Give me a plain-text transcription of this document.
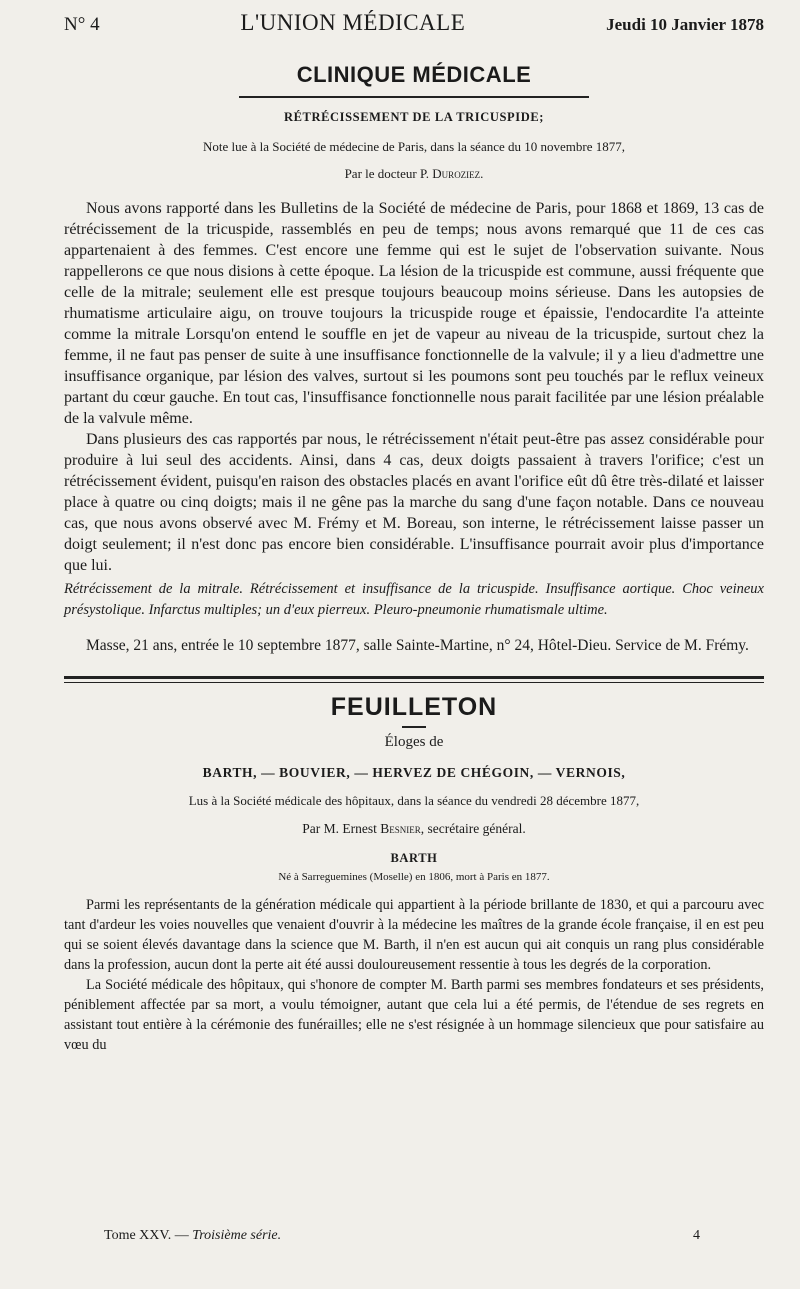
N° 4	L'UNION MÉDICALE	Jeudi 10 Janvier 1878
CLINIQUE MÉDICALE
RÉTRÉCISSEMENT DE LA TRICUSPIDE;
Note lue à la Société de médecine de Paris, dans la séance du 10 novembre 1877,
Par le docteur P. Duroziez.

Nous avons rapporté dans les Bulletins de la Société de médecine de Paris, pour 1868 et 1869, 13 cas de rétrécissement de la tricuspide, rassemblés en peu de temps; nous avons remarqué que 11 de ces cas appartenaient à des femmes. C'est encore une femme qui est le sujet de l'observation suivante. Nous rappellerons ce que nous disions à cette époque. La lésion de la tricuspide est commune, aussi fréquente que celle de la mitrale; seulement elle est presque toujours beaucoup moins sérieuse. Dans les autopsies de rhumatisme articulaire aigu, on trouve toujours la tricuspide rouge et épaissie, l'endocardite l'a atteinte comme la mitrale Lorsqu'on entend le souffle en jet de vapeur au niveau de la tricuspide, surtout chez la femme, il ne faut pas penser de suite à une insuffisance fonctionnelle de la valvule; il y a lieu d'admettre une insuffisance organique, par lésion des valves, surtout si les poumons sont peu touchés par le reflux veineux partant du cœur gauche. En tout cas, l'insuffisance fonctionnelle nous parait facilitée par une lésion préalable de la valvule même.

Dans plusieurs des cas rapportés par nous, le rétrécissement n'était peut-être pas assez considérable pour produire à lui seul des accidents. Ainsi, dans 4 cas, deux doigts passaient à travers l'orifice; c'est un rétrécissement évident, puisqu'en raison des obstacles placés en avant l'orifice eût dû être très-dilaté et laisser place à quatre ou cinq doigts; mais il ne gêne pas la marche du sang d'une façon notable. Dans ce nouveau cas, que nous avons observé avec M. Frémy et M. Boreau, son interne, le rétrécissement laisse passer un doigt seulement; il n'est donc pas encore bien considérable. L'insuffisance pourrait avoir plus d'importance que lui.

Rétrécissement de la mitrale. Rétrécissement et insuffisance de la tricuspide. Insuffisance aortique. Choc veineux présystolique. Infarctus multiples; un d'eux pierreux. Pleuro-pneumonie rhumatismale ultime.
Masse, 21 ans, entrée le 10 septembre 1877, salle Sainte-Martine, n° 24, Hôtel-Dieu. Service de M. Frémy.
FEUILLETON
Éloges de
BARTH, — BOUVIER, — HERVEZ DE CHÉGOIN, — VERNOIS,
Lus à la Société médicale des hôpitaux, dans la séance du vendredi 28 décembre 1877,
Par M. Ernest Besnier, secrétaire général.
BARTH
Né à Sarreguemines (Moselle) en 1806, mort à Paris en 1877.

Parmi les représentants de la génération médicale qui appartient à la période brillante de 1830, et qui a parcouru avec tant d'ardeur les voies nouvelles que venaient d'ouvrir à la médecine les maîtres de la grande école française, il en est peu qui se soient élevés davantage dans la science que M. Barth, il n'en est aucun qui ait conquis un rang plus considérable dans la profession, aucun dont la perte ait été aussi douloureusement ressentie à tous les degrés de la corporation.

La Société médicale des hôpitaux, qui s'honore de compter M. Barth parmi ses membres fondateurs et ses présidents, péniblement affectée par sa mort, a voulu témoigner, autant que cela lui a été permis, de l'étendue de ses regrets en assistant tout entière à la cérémonie des funérailles; elle ne s'est résignée à un hommage silencieux que pour satisfaire au vœu du

Tome XXV. — Troisième série.	4
